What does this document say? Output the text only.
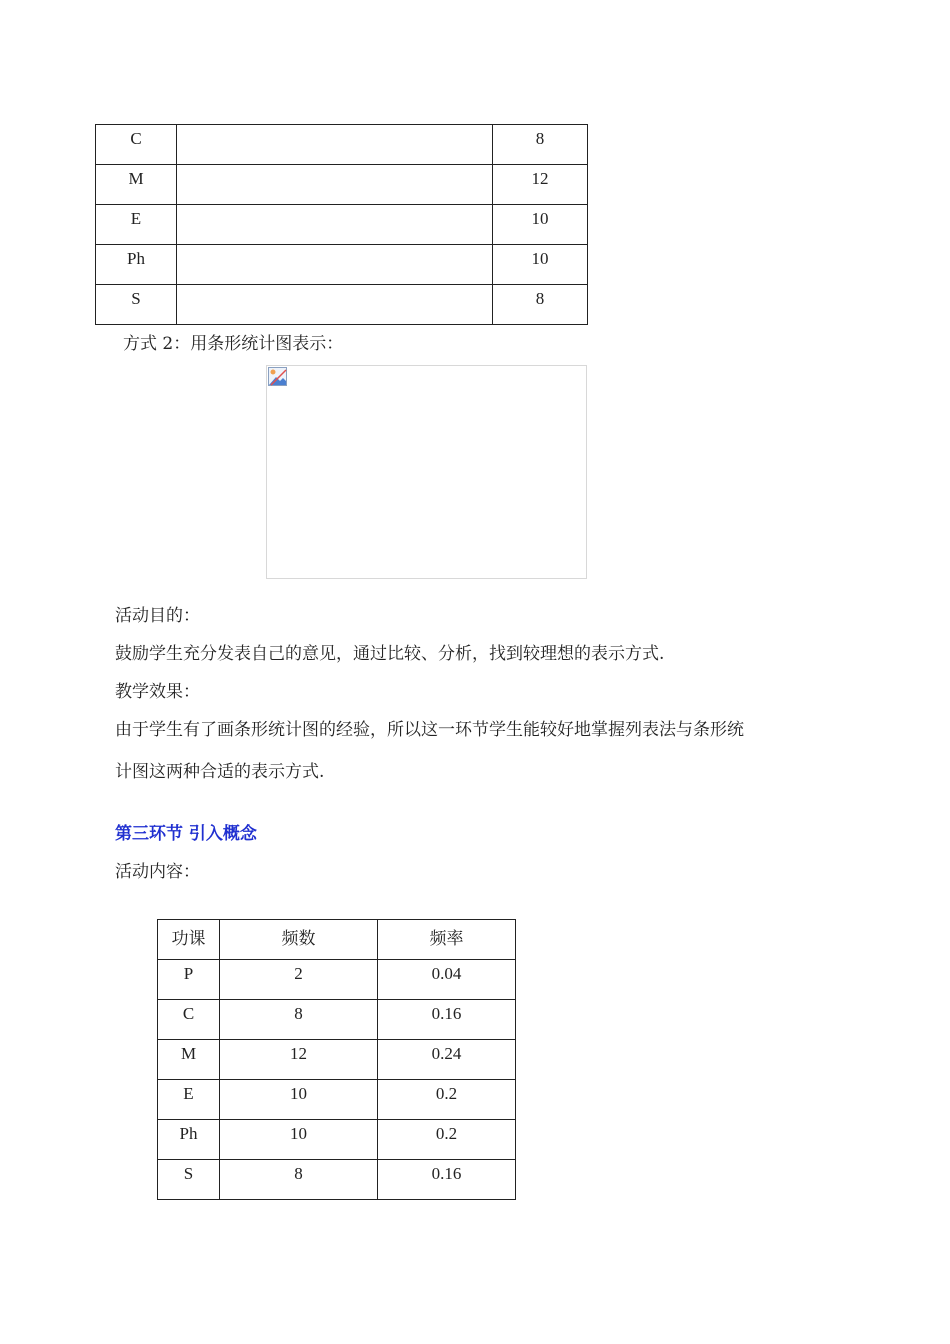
C		8
M		12
E		10
Ph		10
S		8
方式 2：用条形统计图表示：
活动目的：
鼓励学生充分发表自己的意见，通过比较、分析，找到较理想的表示方式.
教学效果：
由于学生有了画条形统计图的经验，所以这一环节学生能较好地掌握列表法与条形统
计图这两种合适的表示方式.
第三环节 引入概念
活动内容：
功课	频数	频率
P	2	0.04
C	8	0.16
M	12	0.24
E	10	0.2
Ph	10	0.2
S	8	0.16
